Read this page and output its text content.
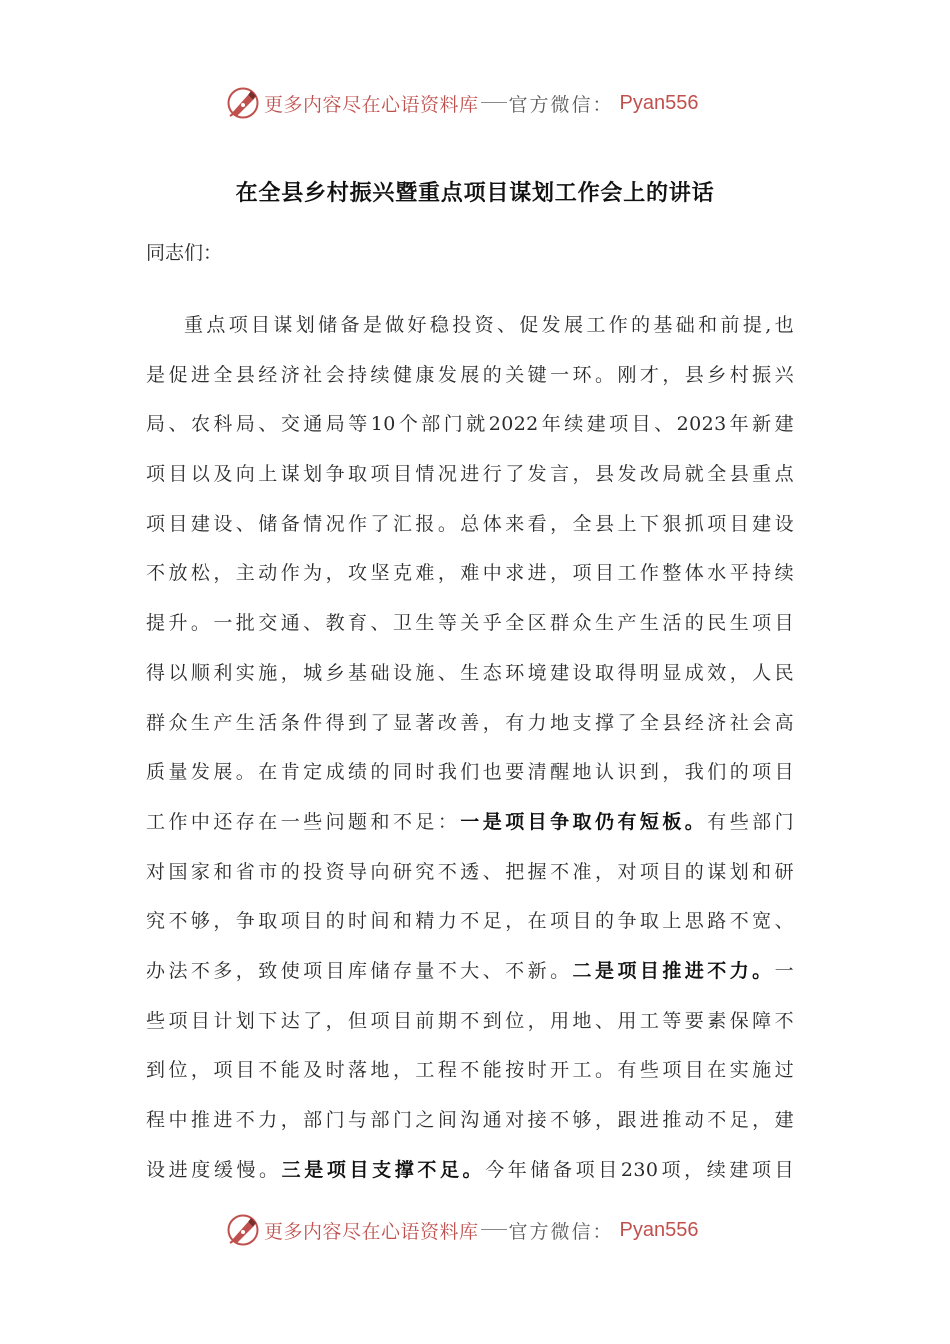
更多内容尽在心语资料库 官方微信： Pyan556
在全县乡村振兴暨重点项目谋划工作会上的讲话

同志们：

重点项目谋划储备是做好稳投资、促发展工作的基础和前提,也
是促进全县经济社会持续健康发展的关键一环。刚才，县乡村振兴
局、农科局、交通局等10个部门就2022年续建项目、2023年新建
项目以及向上谋划争取项目情况进行了发言，县发改局就全县重点
项目建设、储备情况作了汇报。总体来看，全县上下狠抓项目建设
不放松，主动作为，攻坚克难，难中求进，项目工作整体水平持续
提升。一批交通、教育、卫生等关乎全区群众生产生活的民生项目
得以顺利实施，城乡基础设施、生态环境建设取得明显成效，人民
群众生产生活条件得到了显著改善，有力地支撑了全县经济社会高
质量发展。在肯定成绩的同时我们也要清醒地认识到，我们的项目
工作中还存在一些问题和不足：一是项目争取仍有短板。有些部门
对国家和省市的投资导向研究不透、把握不准，对项目的谋划和研
究不够，争取项目的时间和精力不足，在项目的争取上思路不宽、
办法不多，致使项目库储存量不大、不新。二是项目推进不力。一
些项目计划下达了，但项目前期不到位，用地、用工等要素保障不
到位，项目不能及时落地，工程不能按时开工。有些项目在实施过
程中推进不力，部门与部门之间沟通对接不够，跟进推动不足，建
设进度缓慢。三是项目支撑不足。今年储备项目230项，续建项目
更多内容尽在心语资料库 官方微信： Pyan556
